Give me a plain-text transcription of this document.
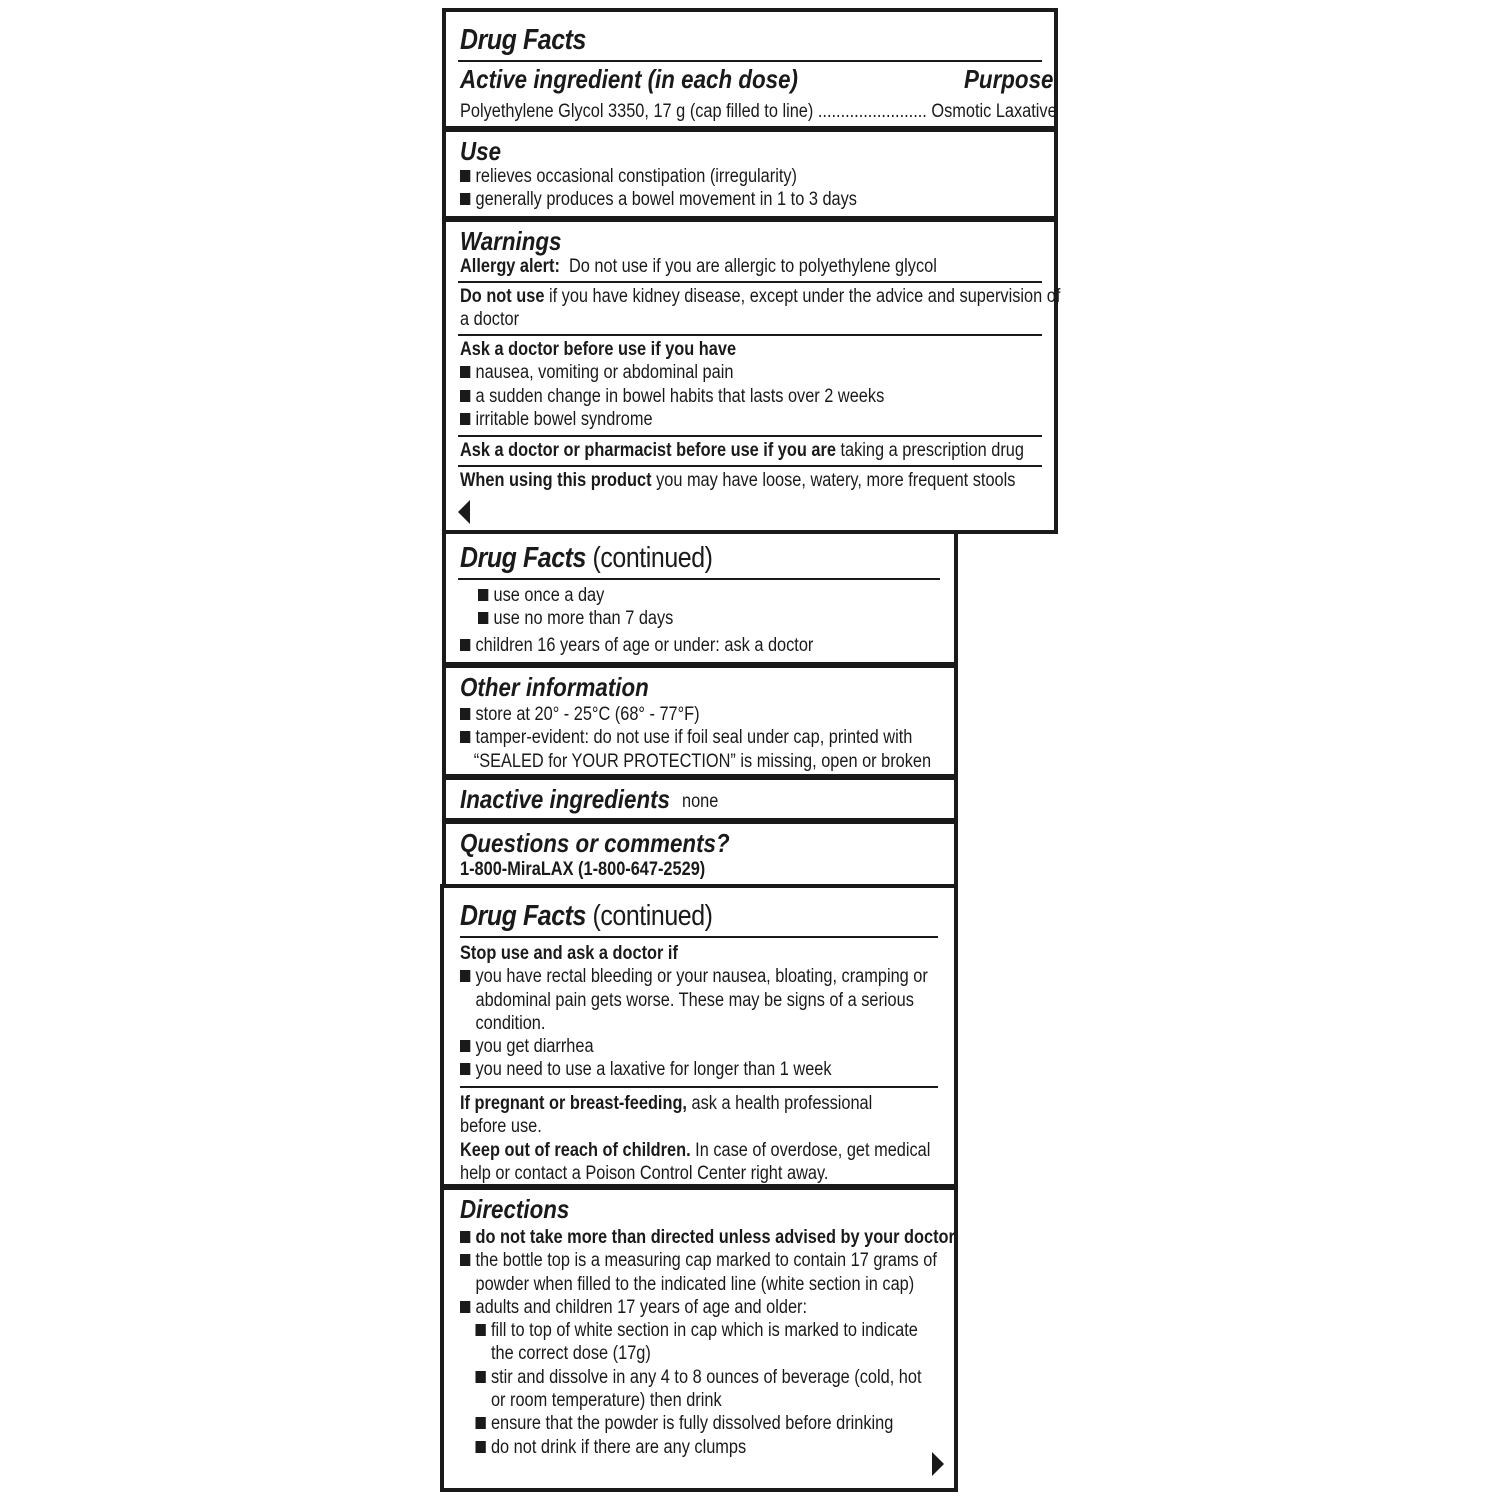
Drug Facts
Active ingredient (in each dose)	Purpose
Polyethylene Glycol 3350, 17 g (cap filled to line) ........................ Osmotic Laxative
Use
relieves occasional constipation (irregularity)
generally produces a bowel movement in 1 to 3 days
Warnings
Allergy alert: Do not use if you are allergic to polyethylene glycol
Do not use if you have kidney disease, except under the advice and supervision of
a doctor
Ask a doctor before use if you have
nausea, vomiting or abdominal pain
a sudden change in bowel habits that lasts over 2 weeks
irritable bowel syndrome
Ask a doctor or pharmacist before use if you are taking a prescription drug
When using this product you may have loose, watery, more frequent stools
Drug Facts (continued)
use once a day
use no more than 7 days
children 16 years of age or under: ask a doctor
Other information
store at 20° - 25°C (68° - 77°F)
tamper-evident: do not use if foil seal under cap, printed with
“SEALED for YOUR PROTECTION” is missing, open or broken
Inactive ingredients none
Questions or comments?
1-800-MiraLAX (1-800-647-2529)
Drug Facts (continued)
Stop use and ask a doctor if
you have rectal bleeding or your nausea, bloating, cramping or
abdominal pain gets worse. These may be signs of a serious
condition.
you get diarrhea
you need to use a laxative for longer than 1 week
If pregnant or breast-feeding, ask a health professional
before use.
Keep out of reach of children. In case of overdose, get medical
help or contact a Poison Control Center right away.
Directions
do not take more than directed unless advised by your doctor
the bottle top is a measuring cap marked to contain 17 grams of
powder when filled to the indicated line (white section in cap)
adults and children 17 years of age and older:
fill to top of white section in cap which is marked to indicate
the correct dose (17g)
stir and dissolve in any 4 to 8 ounces of beverage (cold, hot
or room temperature) then drink
ensure that the powder is fully dissolved before drinking
do not drink if there are any clumps
